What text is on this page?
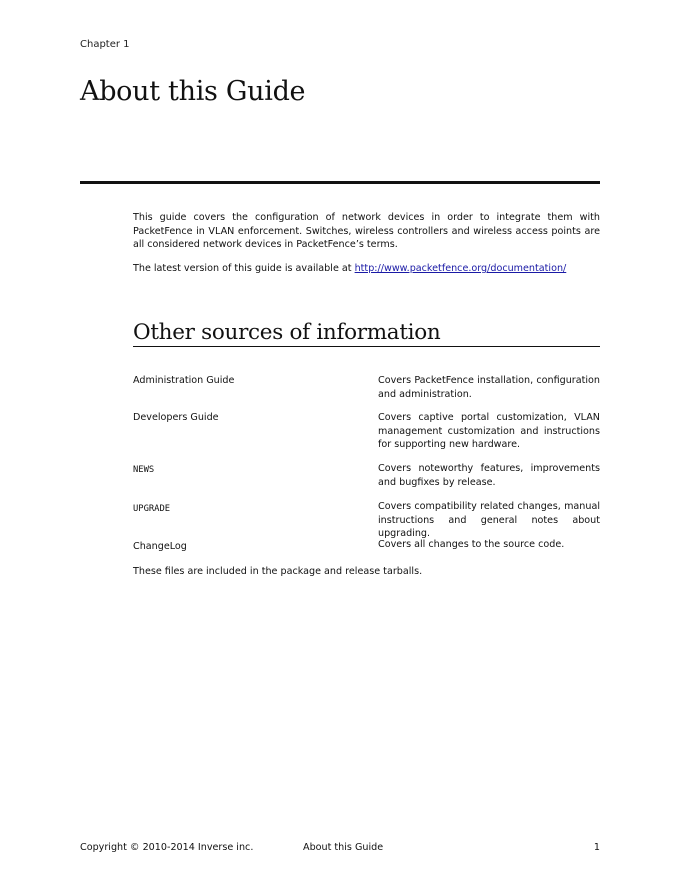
Chapter 1
About this Guide

This guide covers the configuration of network devices in order to integrate them with PacketFence in VLAN enforcement. Switches, wireless controllers and wireless access points are all considered network devices in PacketFence’s terms.

The latest version of this guide is available at http://www.packetfence.org/documentation/

Other sources of information
Administration Guide	Covers PacketFence installation, configuration and administration.
Developers Guide	Covers captive portal customization, VLAN management customization and instructions for supporting new hardware.
NEWS	Covers noteworthy features, improvements and bugfixes by release.
UPGRADE	Covers compatibility related changes, manual instructions and general notes about upgrading.
ChangeLog	Covers all changes to the source code.

These files are included in the package and release tarballs.

Copyright © 2010-2014 Inverse inc.	About this Guide	1
